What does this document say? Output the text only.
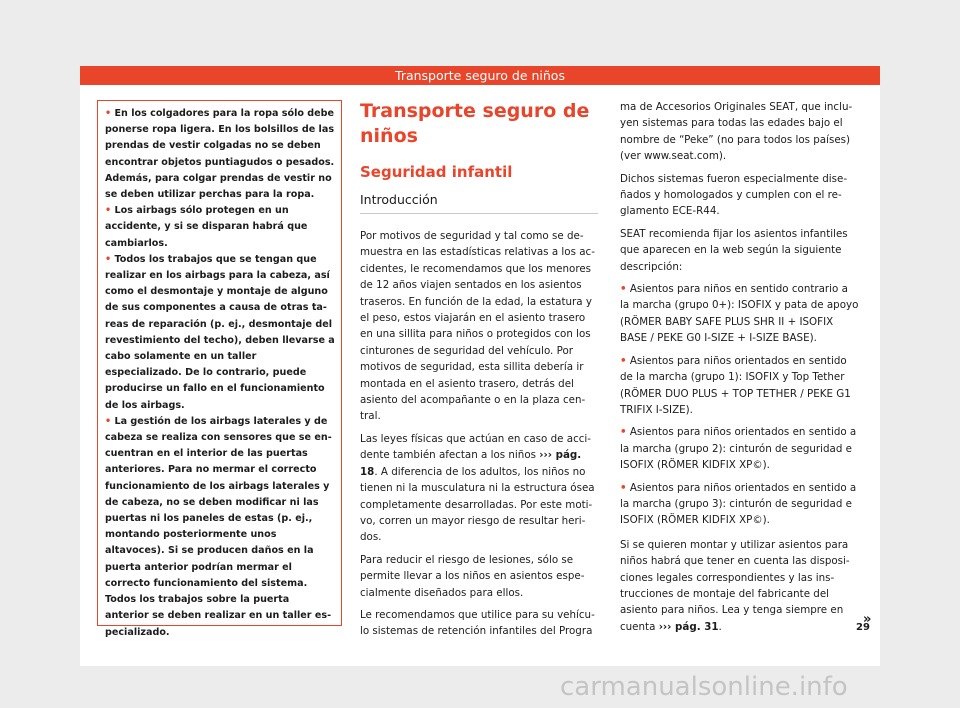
Transporte seguro de niños

• En los colgadores para la ropa sólo debe ponerse ropa ligera. En los bolsillos de las prendas de vestir colgadas no se deben encontrar objetos puntiagudos o pesados. Además, para colgar prendas de vestir no se deben utilizar perchas para la ropa.

• Los airbags sólo protegen en un accidente, y si se disparan habrá que cambiarlos.

• Todos los trabajos que se tengan que realizar en los airbags para la cabeza, así como el desmontaje y montaje de alguno de sus componentes a causa de otras tareas de reparación (p. ej., desmontaje del revestimiento del techo), deben llevarse a cabo solamente en un taller especializado. De lo contrario, puede producirse un fallo en el funcionamiento de los airbags.

• La gestión de los airbags laterales y de cabeza se realiza con sensores que se encuentran en el interior de las puertas anteriores. Para no mermar el correcto funcionamiento de los airbags laterales y de cabeza, no se deben modificar ni las puertas ni los paneles de estas (p. ej., montando posteriormente unos altavoces). Si se producen daños en la puerta anterior podrían mermar el correcto funcionamiento del sistema. Todos los trabajos sobre la puerta anterior se deben realizar en un taller especializado.

Transporte seguro de niños
Seguridad infantil
Introducción

Por motivos de seguridad y tal como se demuestra en las estadísticas relativas a los accidentes, le recomendamos que los menores de 12 años viajen sentados en los asientos traseros. En función de la edad, la estatura y el peso, estos viajarán en el asiento trasero en una sillita para niños o protegidos con los cinturones de seguridad del vehículo. Por motivos de seguridad, esta sillita debería ir montada en el asiento trasero, detrás del asiento del acompañante o en la plaza central.

Las leyes físicas que actúan en caso de accidente también afectan a los niños ››› pág. 18. A diferencia de los adultos, los niños no tienen ni la musculatura ni la estructura ósea completamente desarrolladas. Por este motivo, corren un mayor riesgo de resultar heridos.

Para reducir el riesgo de lesiones, sólo se permite llevar a los niños en asientos especialmente diseñados para ellos.

Le recomendamos que utilice para su vehículo sistemas de retención infantiles del Progra

ma de Accesorios Originales SEAT, que incluyen sistemas para todas las edades bajo el nombre de “Peke” (no para todos los países) (ver www.seat.com).

Dichos sistemas fueron especialmente diseñados y homologados y cumplen con el reglamento ECE-R44.

SEAT recomienda fijar los asientos infantiles que aparecen en la web según la siguiente descripción:

• Asientos para niños en sentido contrario a la marcha (grupo 0+): ISOFIX y pata de apoyo (RÖMER BABY SAFE PLUS SHR II + ISOFIX BASE / PEKE G0 I-SIZE + I-SIZE BASE).

• Asientos para niños orientados en sentido de la marcha (grupo 1): ISOFIX y Top Tether (RÖMER DUO PLUS + TOP TETHER / PEKE G1 TRIFIX I-SIZE).

• Asientos para niños orientados en sentido a la marcha (grupo 2): cinturón de seguridad e ISOFIX (RÖMER KIDFIX XP©).

• Asientos para niños orientados en sentido a la marcha (grupo 3): cinturón de seguridad e ISOFIX (RÖMER KIDFIX XP©).

Si se quieren montar y utilizar asientos para niños habrá que tener en cuenta las disposiciones legales correspondientes y las instrucciones de montaje del fabricante del asiento para niños. Lea y tenga siempre en cuenta ››› pág. 31.	»
29
carmanualsonline.info
